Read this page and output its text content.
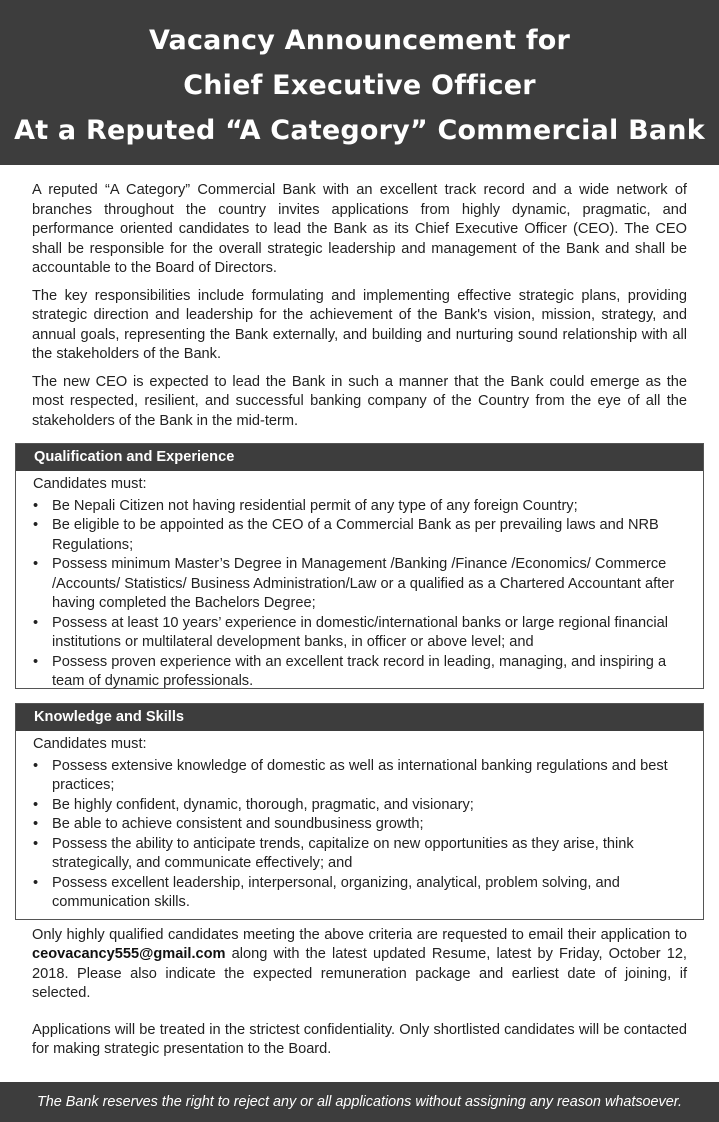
Vacancy Announcement for
Chief Executive Officer
At a Reputed “A Category” Commercial Bank

A reputed “A Category” Commercial Bank with an excellent track record and a wide network of branches throughout the country invites applications from highly dynamic, pragmatic, and performance oriented candidates to lead the Bank as its Chief Executive Officer (CEO). The CEO shall be responsible for the overall strategic leadership and management of the Bank and shall be accountable to the Board of Directors.

The key responsibilities include formulating and implementing effective strategic plans, providing strategic direction and leadership for the achievement of the Bank's vision, mission, strategy, and annual goals, representing the Bank externally, and building and nurturing sound relationship with all the stakeholders of the Bank.

The new CEO is expected to lead the Bank in such a manner that the Bank could emerge as the most respected, resilient, and successful banking company of the Country from the eye of all the stakeholders of the Bank in the mid-term.

Qualification and Experience
Candidates must:
• Be Nepali Citizen not having residential permit of any type of any foreign Country;
• Be eligible to be appointed as the CEO of a Commercial Bank as per prevailing laws and NRB Regulations;
• Possess minimum Master’s Degree in Management /Banking /Finance /Economics/ Commerce /Accounts/ Statistics/ Business Administration/Law or a qualified as a Chartered Accountant after having completed the Bachelors Degree;
• Possess at least 10 years’ experience in domestic/international banks or large regional financial institutions or multilateral development banks, in officer or above level; and
• Possess proven experience with an excellent track record in leading, managing, and inspiring a team of dynamic professionals.
Knowledge and Skills
Candidates must:
• Possess extensive knowledge of domestic as well as international banking regulations and best practices;
• Be highly confident, dynamic, thorough, pragmatic, and visionary;
• Be able to achieve consistent and soundbusiness growth;
• Possess the ability to anticipate trends, capitalize on new opportunities as they arise, think strategically, and communicate effectively; and
• Possess excellent leadership, interpersonal, organizing, analytical, problem solving, and communication skills.

Only highly qualified candidates meeting the above criteria are requested to email their application to ceovacancy555@gmail.com along with the latest updated Resume, latest by Friday, October 12, 2018. Please also indicate the expected remuneration package and earliest date of joining, if selected.

Applications will be treated in the strictest confidentiality. Only shortlisted candidates will be contacted for making strategic presentation to the Board.

The Bank reserves the right to reject any or all applications without assigning any reason whatsoever.
